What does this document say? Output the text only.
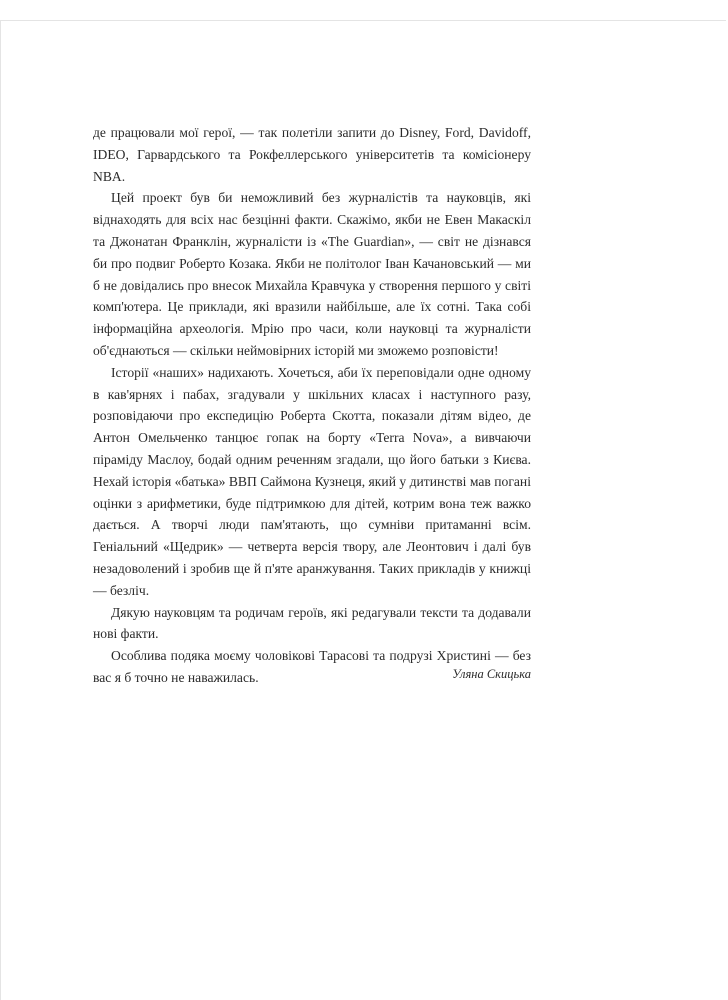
де працювали мої герої, — так полетіли запити до Disney, Ford, Davidoff, IDEO, Гарвардського та Рокфеллерського університетів та комісіонеру NBA.

Цей проект був би неможливий без журналістів та науковців, які віднаходять для всіх нас безцінні факти. Скажімо, якби не Евен Макаскіл та Джонатан Франклін, журналісти із «The Guardian», — світ не дізнався би про подвиг Роберто Козака. Якби не політолог Іван Качановський — ми б не довідались про внесок Михайла Кравчука у створення першого у світі комп'ютера. Це приклади, які вразили найбільше, але їх сотні. Така собі інформаційна археологія. Мрію про часи, коли науковці та журналісти об'єднаються — скільки неймовірних історій ми зможемо розповісти!

Історії «наших» надихають. Хочеться, аби їх переповідали одне одному в кав'ярнях і пабах, згадували у шкільних класах і наступного разу, розповідаючи про експедицію Роберта Скотта, показали дітям відео, де Антон Омельченко танцює гопак на борту «Terra Nova», а вивчаючи піраміду Маслоу, бодай одним реченням згадали, що його батьки з Києва. Нехай історія «батька» ВВП Саймона Кузнеця, який у дитинстві мав погані оцінки з арифметики, буде підтримкою для дітей, котрим вона теж важко дається. А творчі люди пам'ятають, що сумніви притаманні всім. Геніальний «Щедрик» — четверта версія твору, але Леонтович і далі був незадоволений і зробив ще й п'яте аранжування. Таких прикладів у книжці — безліч.

Дякую науковцям та родичам героїв, які редагували тексти та додавали нові факти.

Особлива подяка моєму чоловікові Тарасові та подрузі Христині — без вас я б точно не наважилась.	Уляна Скицька
